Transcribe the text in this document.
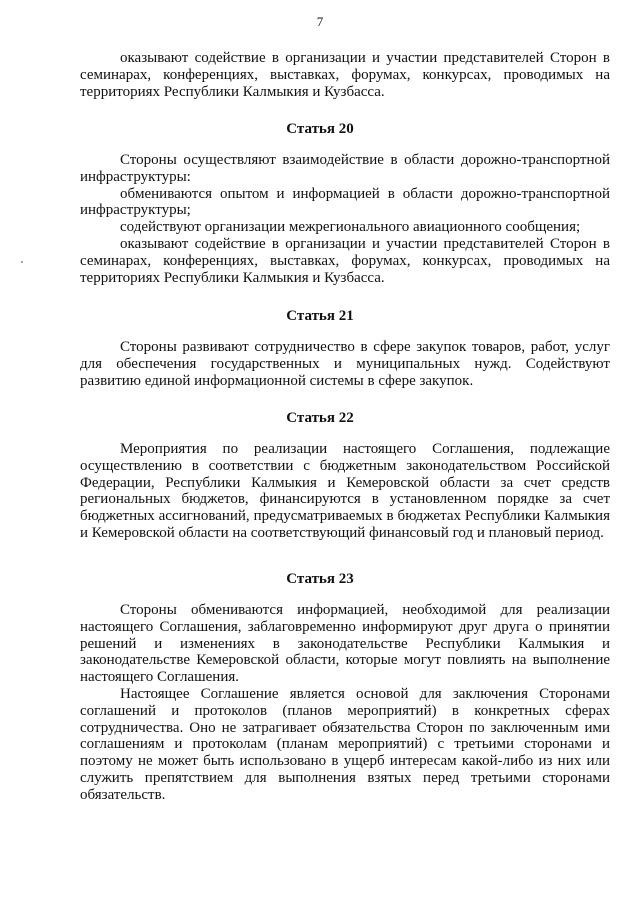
7

оказывают содействие в организации и участии представителей Сторон в семинарах, конференциях, выставках, форумах, конкурсах, проводимых на территориях Республики Калмыкия и Кузбасса.

Статья 20

Стороны осуществляют взаимодействие в области дорожно-транспортной инфраструктуры:

обмениваются опытом и информацией в области дорожно-транспортной инфраструктуры;

содействуют организации межрегионального авиационного сообщения;

оказывают содействие в организации и участии представителей Сторон в семинарах, конференциях, выставках, форумах, конкурсах, проводимых на территориях Республики Калмыкия и Кузбасса.

Статья 21

Стороны развивают сотрудничество в сфере закупок товаров, работ, услуг для обеспечения государственных и муниципальных нужд. Содействуют развитию единой информационной системы в сфере закупок.

Статья 22

Мероприятия по реализации настоящего Соглашения, подлежащие осуществлению в соответствии с бюджетным законодательством Российской Федерации, Республики Калмыкия и Кемеровской области за счет средств региональных бюджетов, финансируются в установленном порядке за счет бюджетных ассигнований, предусматриваемых в бюджетах Республики Калмыкия и Кемеровской области на соответствующий финансовый год и плановый период.

Статья 23

Стороны обмениваются информацией, необходимой для реализации настоящего Соглашения, заблаговременно информируют друг друга о принятии решений и изменениях в законодательстве Республики Калмыкия и законодательстве Кемеровской области, которые могут повлиять на выполнение настоящего Соглашения.

Настоящее Соглашение является основой для заключения Сторонами соглашений и протоколов (планов мероприятий) в конкретных сферах сотрудничества. Оно не затрагивает обязательства Сторон по заключенным ими соглашениям и протоколам (планам мероприятий) с третьими сторонами и поэтому не может быть использовано в ущерб интересам какой-либо из них или служить препятствием для выполнения взятых перед третьими сторонами обязательств.
